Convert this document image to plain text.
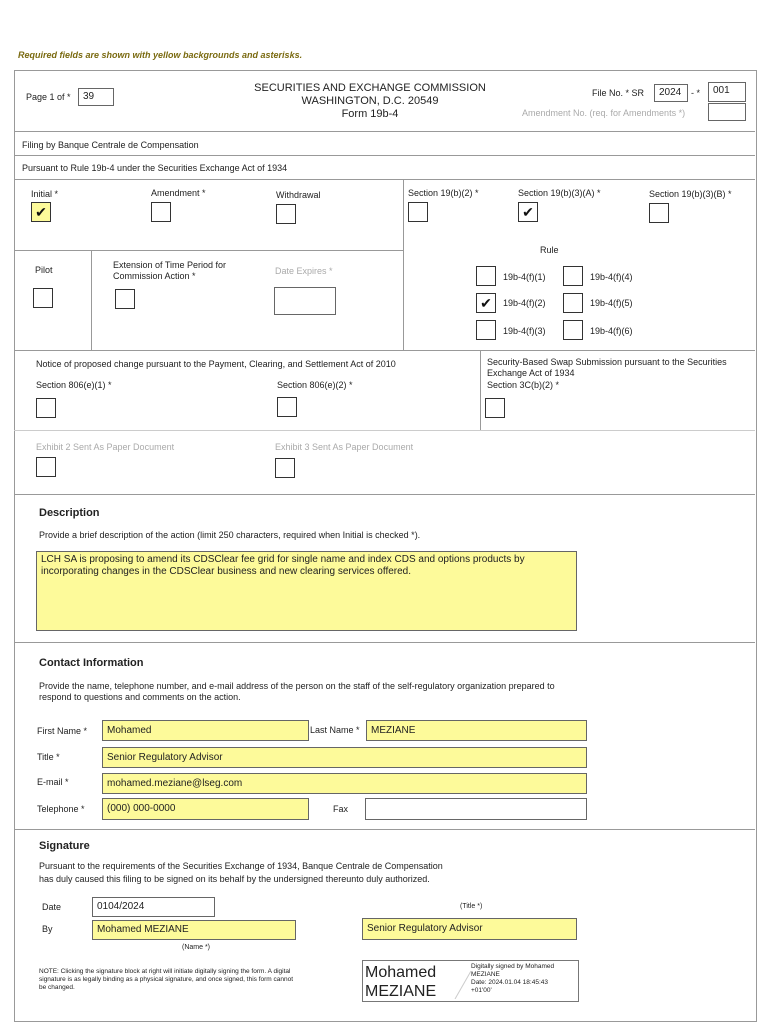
Required fields are shown with yellow backgrounds and asterisks.
Page 1 of *	39
SECURITIES AND EXCHANGE COMMISSION
WASHINGTON, D.C. 20549
Form 19b-4
File No. * SR	2024	- *	001
Amendment No. (req. for Amendments *)
Filing by Banque Centrale de Compensation
Pursuant to Rule 19b-4 under the Securities Exchange Act of 1934
Initial *
✔
Amendment *	Withdrawal	Section 19(b)(2) *	Section 19(b)(3)(A) *
✔
Section 19(b)(3)(B) *
Pilot	Extension of Time Period for Commission Action *	Date Expires *
Rule
19b-4(f)(1)	19b-4(f)(4)
✔	19b-4(f)(2)	19b-4(f)(5)
19b-4(f)(3)	19b-4(f)(6)
Notice of proposed change pursuant to the Payment, Clearing, and Settlement Act of 2010
Section 806(e)(1) *	Section 806(e)(2) *
Security-Based Swap Submission pursuant to the Securities Exchange Act of 1934
Section 3C(b)(2) *
Exhibit 2 Sent As Paper Document	Exhibit 3 Sent As Paper Document
Description
Provide a brief description of the action (limit 250 characters, required when Initial is checked *).
LCH SA is proposing to amend its CDSClear fee grid for single name and index CDS and options products by incorporating changes in the CDSClear business and new clearing services offered.
Contact Information
Provide the name, telephone number, and e-mail address of the person on the staff of the self-regulatory organization prepared to respond to questions and comments on the action.
First Name *	Mohamed	Last Name *	MEZIANE
Title *	Senior Regulatory Advisor
E-mail *	mohamed.meziane@lseg.com
Telephone *	(000) 000-0000	Fax
Signature
Pursuant to the requirements of the Securities Exchange of 1934, Banque Centrale de Compensation
has duly caused this filing to be signed on its behalf by the undersigned thereunto duly authorized.
Date	0104/2024	(Title *)
By	Mohamed MEZIANE	Senior Regulatory Advisor
(Name *)
NOTE: Clicking the signature block at right will initiate digitally signing the form. A digital signature is as legally binding as a physical signature, and once signed, this form cannot be changed.
Mohamed
MEZIANE
Digitally signed by Mohamed
MEZIANE
Date: 2024.01.04 18:45:43
+01'00'
